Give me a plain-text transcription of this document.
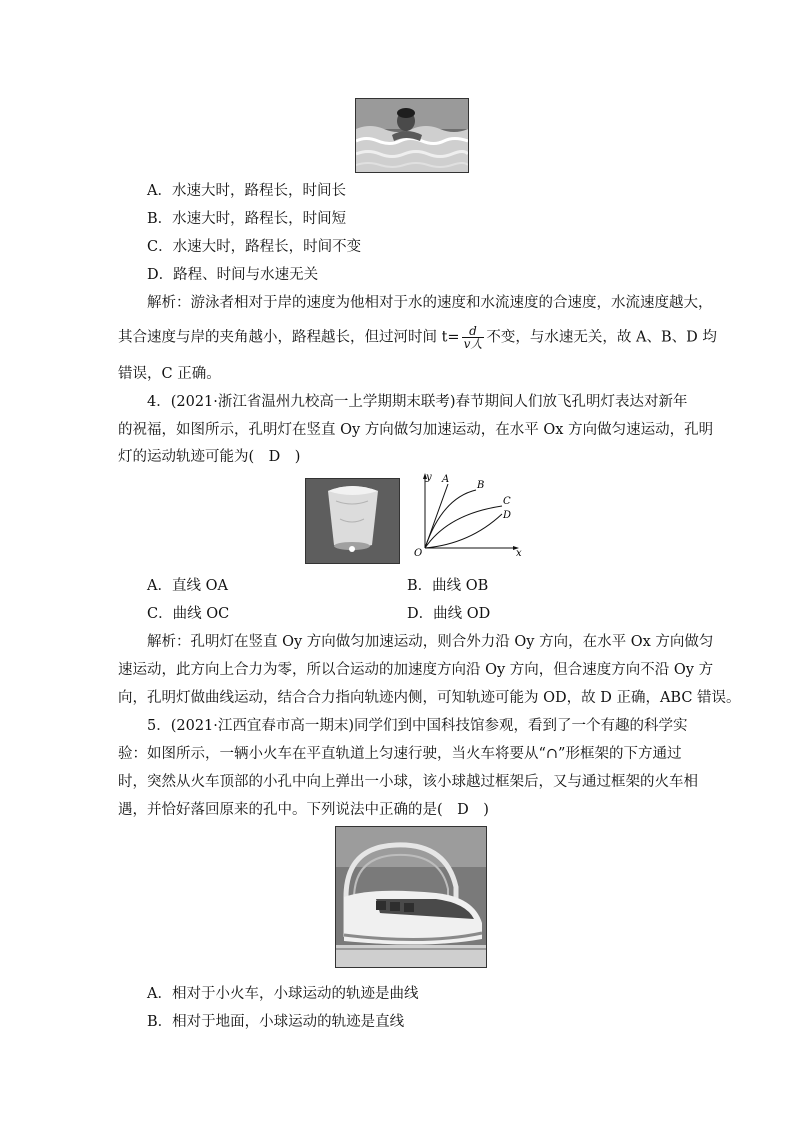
A．水速大时，路程长，时间长
B．水速大时，路程长，时间短
C．水速大时，路程长，时间不变
D．路程、时间与水速无关
解析：游泳者相对于岸的速度为他相对于水的速度和水流速度的合速度，水流速度越大，
其合速度与岸的夹角越小，路程越长，但过河时间 $t= \frac{d}{\text{v人}}$ 不变，与水速无关，故 A、B、D 均
错误，C 正确。
4．(2021·浙江省温州九校高一上学期期末联考)春节期间人们放飞孔明灯表达对新年
的祝福，如图所示，孔明灯在竖直 Oy 方向做匀加速运动，在水平 Ox 方向做匀速运动，孔明
灯的运动轨迹可能为(　D　)
y
x
O
A
B
C
D
A．直线 OA	B．曲线 OB
C．曲线 OC	D．曲线 OD
解析：孔明灯在竖直 Oy 方向做匀加速运动，则合外力沿 Oy 方向，在水平 Ox 方向做匀
速运动，此方向上合力为零，所以合运动的加速度方向沿 Oy 方向，但合速度方向不沿 Oy 方
向，孔明灯做曲线运动，结合合力指向轨迹内侧，可知轨迹可能为 OD，故 D 正确，ABC 错误。
5．(2021·江西宜春市高一期末)同学们到中国科技馆参观，看到了一个有趣的科学实
验：如图所示，一辆小火车在平直轨道上匀速行驶，当火车将要从“∩”形框架的下方通过
时，突然从火车顶部的小孔中向上弹出一小球，该小球越过框架后，又与通过框架的火车相
遇，并恰好落回原来的孔中。下列说法中正确的是(　D　)
A．相对于小火车，小球运动的轨迹是曲线
B．相对于地面，小球运动的轨迹是直线
